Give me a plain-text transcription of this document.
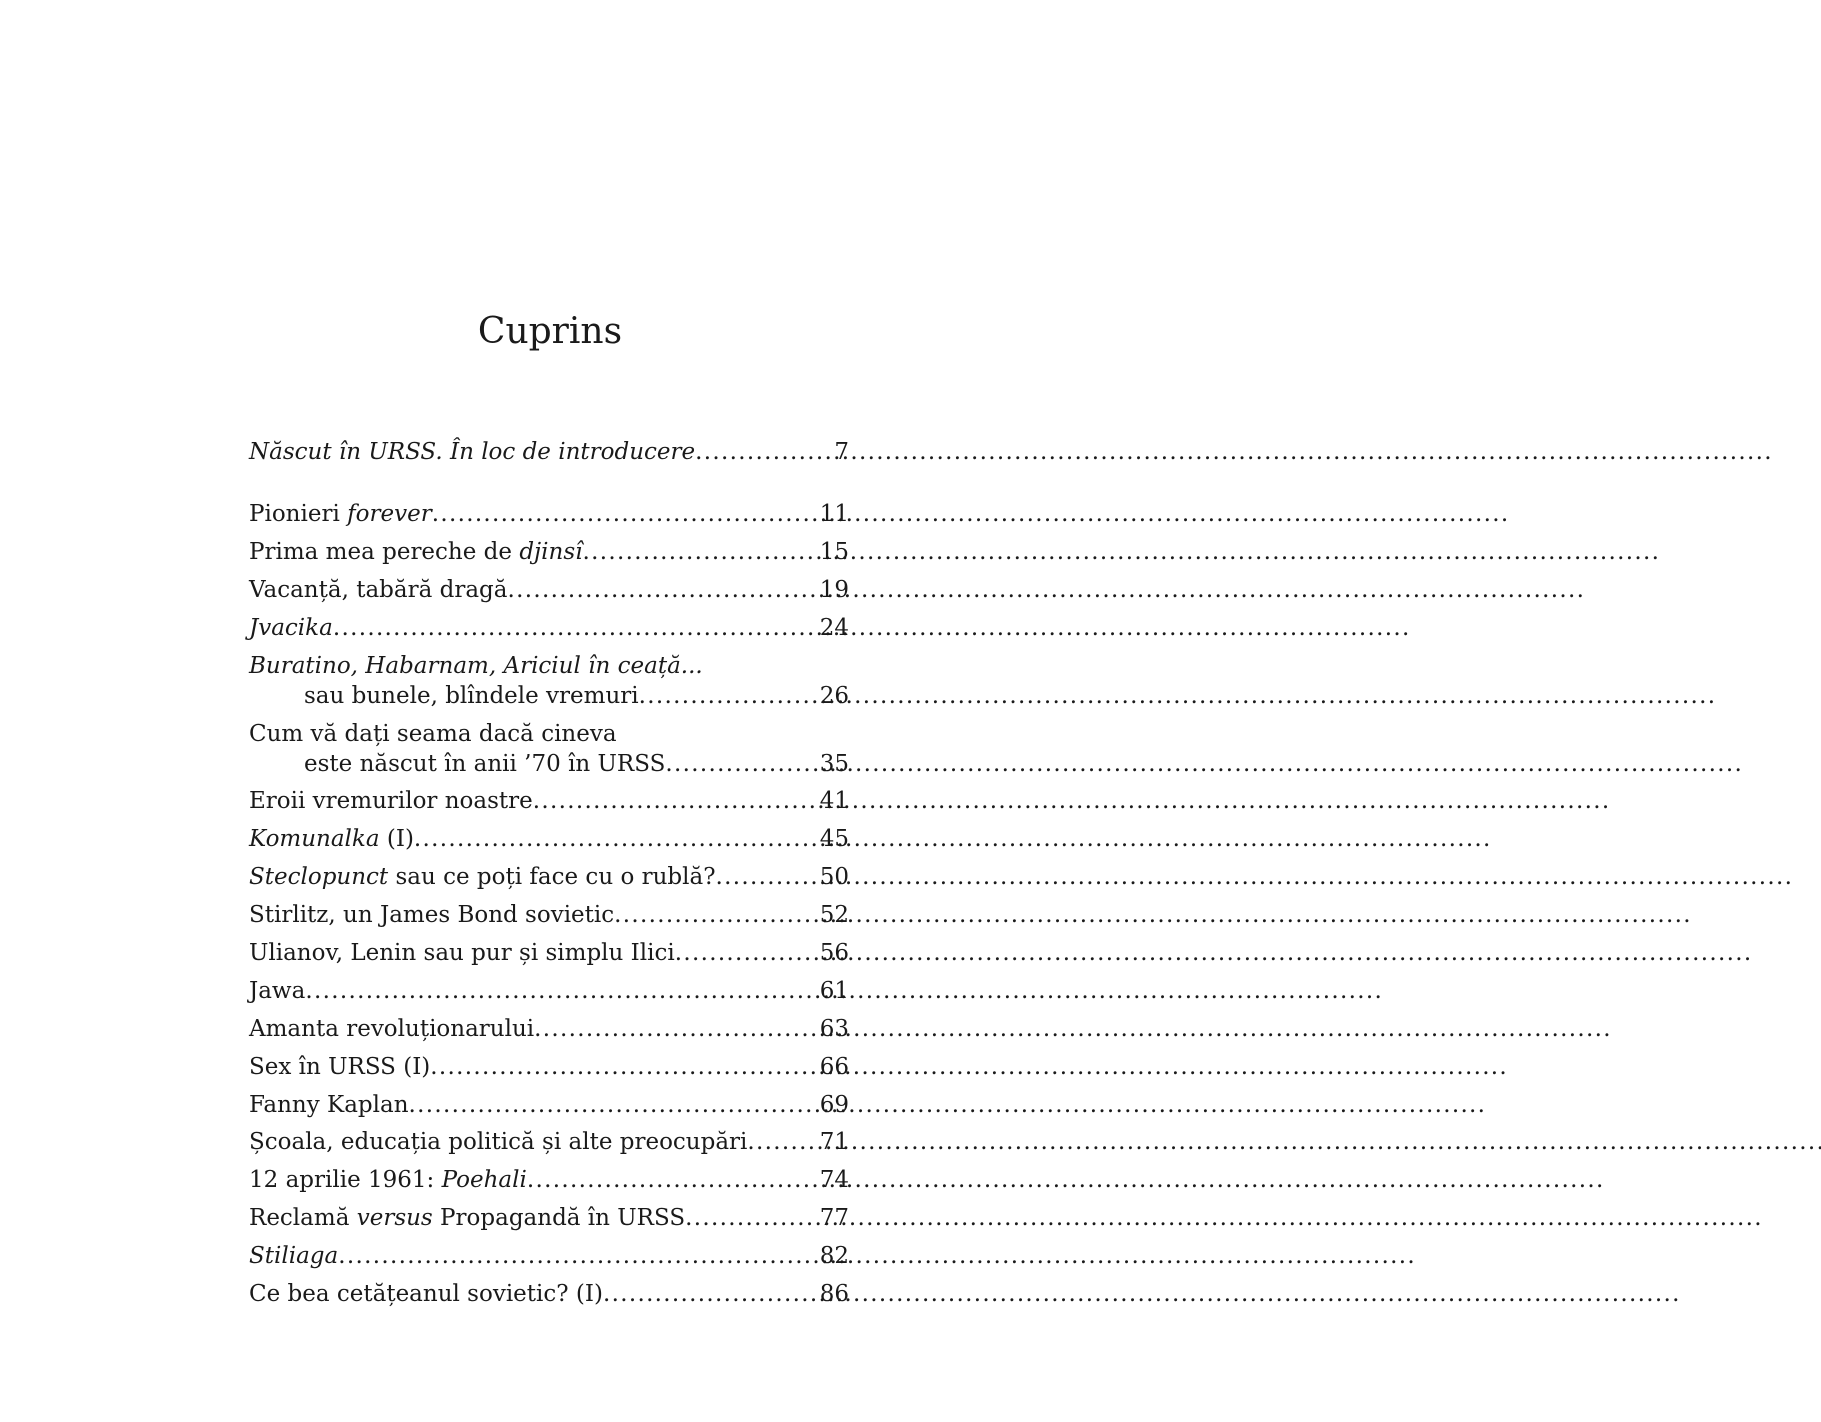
Cuprins
Născut în URSS. În loc de introducere . . .	7
Pionieri forever . . .	11
Prima mea pereche de djinsî . . .	15
Vacanță, tabără dragă . . .	19
Jvacika . . .	24
Buratino, Habarnam, Ariciul în ceață...
sau bunele, blîndele vremuri . . .	26
Cum vă dați seama dacă cineva
este născut în anii ’70 în URSS . . .	35
Eroii vremurilor noastre . . .	41
Komunalka (I) . . .	45
Steclopunct sau ce poți face cu o rublă? . . .	50
Stirlitz, un James Bond sovietic . . .	52
Ulianov, Lenin sau pur și simplu Ilici . . .	56
Jawa . . .	61
Amanta revoluționarului . . .	63
Sex în URSS (I) . . .	66
Fanny Kaplan . . .	69
Școala, educația politică și alte preocupări . . .	71
12 aprilie 1961: Poehali . . .	74
Reclamă versus Propagandă în URSS . . .	77
Stiliaga . . .	82
Ce bea cetățeanul sovietic? (I) . . .	86
